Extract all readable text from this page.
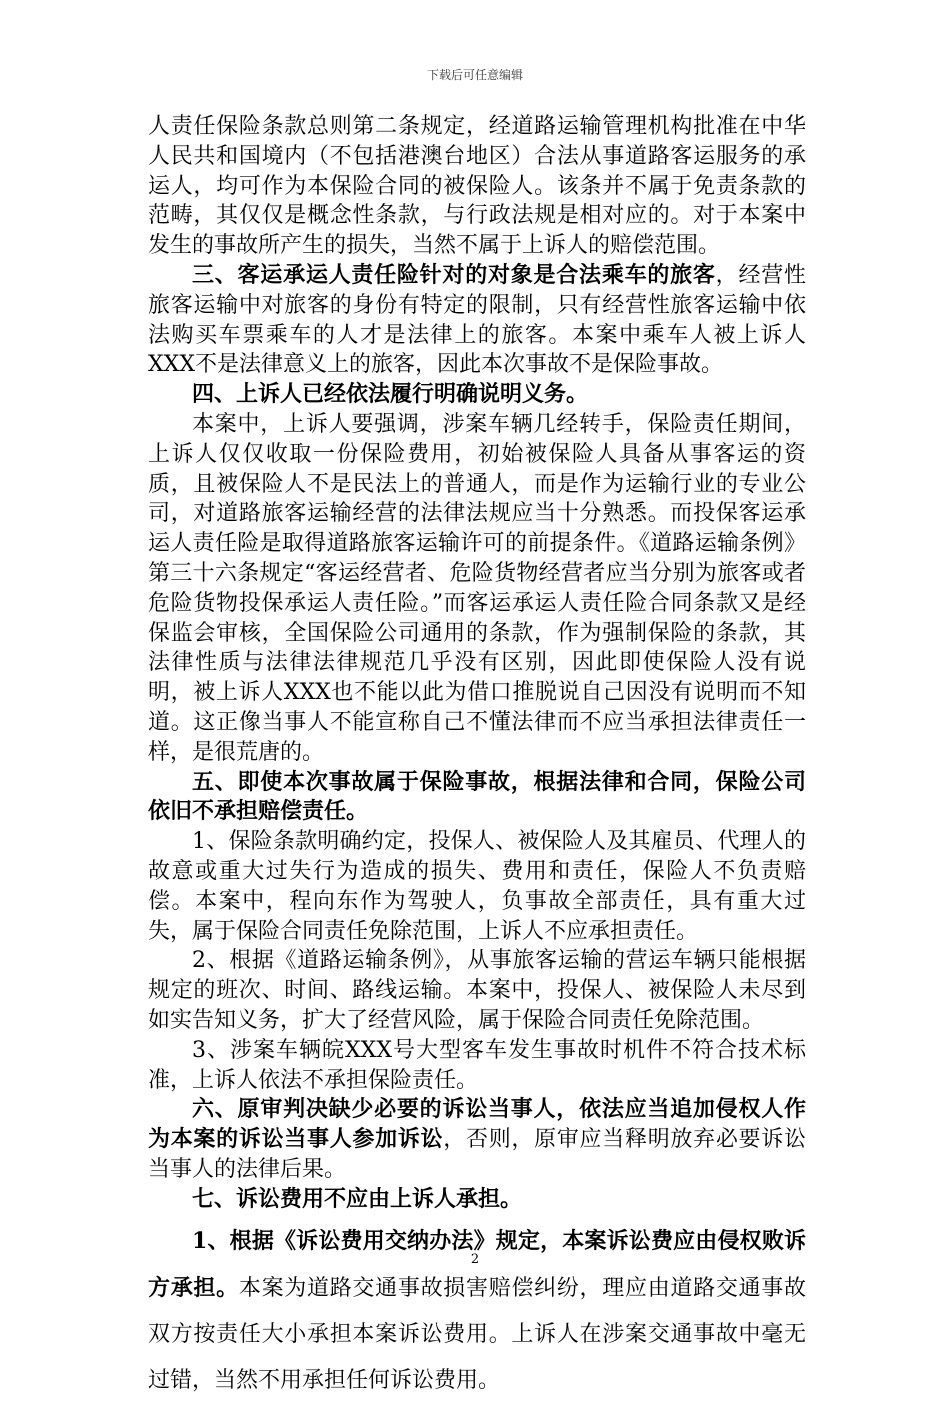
下载后可任意编辑

人责任保险条款总则第二条规定，经道路运输管理机构批准在中华人民共和国境内（不包括港澳台地区）合法从事道路客运服务的承运人，均可作为本保险合同的被保险人。该条并不属于免责条款的范畴，其仅仅是概念性条款，与行政法规是相对应的。对于本案中发生的事故所产生的损失，当然不属于上诉人的赔偿范围。

三、客运承运人责任险针对的对象是合法乘车的旅客，经营性旅客运输中对旅客的身份有特定的限制，只有经营性旅客运输中依法购买车票乘车的人才是法律上的旅客。本案中乘车人被上诉人XXX不是法律意义上的旅客，因此本次事故不是保险事故。

四、上诉人已经依法履行明确说明义务。

本案中，上诉人要强调，涉案车辆几经转手，保险责任期间，上诉人仅仅收取一份保险费用，初始被保险人具备从事客运的资质，且被保险人不是民法上的普通人，而是作为运输行业的专业公司，对道路旅客运输经营的法律法规应当十分熟悉。而投保客运承运人责任险是取得道路旅客运输许可的前提条件。《道路运输条例》第三十六条规定“客运经营者、危险货物经营者应当分别为旅客或者危险货物投保承运人责任险。”而客运承运人责任险合同条款又是经保监会审核，全国保险公司通用的条款，作为强制保险的条款，其法律性质与法律法律规范几乎没有区别，因此即使保险人没有说明，被上诉人XXX也不能以此为借口推脱说自己因没有说明而不知道。这正像当事人不能宣称自己不懂法律而不应当承担法律责任一样，是很荒唐的。

五、即使本次事故属于保险事故，根据法律和合同，保险公司依旧不承担赔偿责任。

1、保险条款明确约定，投保人、被保险人及其雇员、代理人的故意或重大过失行为造成的损失、费用和责任，保险人不负责赔偿。本案中，程向东作为驾驶人，负事故全部责任，具有重大过失，属于保险合同责任免除范围，上诉人不应承担责任。

2、根据《道路运输条例》，从事旅客运输的营运车辆只能根据规定的班次、时间、路线运输。本案中，投保人、被保险人未尽到如实告知义务，扩大了经营风险，属于保险合同责任免除范围。

3、涉案车辆皖XXX号大型客车发生事故时机件不符合技术标准，上诉人依法不承担保险责任。

六、原审判决缺少必要的诉讼当事人，依法应当追加侵权人作为本案的诉讼当事人参加诉讼，否则，原审应当释明放弃必要诉讼当事人的法律后果。

七、诉讼费用不应由上诉人承担。

1、根据《诉讼费用交纳办法》规定，本案诉讼费应由侵权败诉方承担。本案为道路交通事故损害赔偿纠纷，理应由道路交通事故双方按责任大小承担本案诉讼费用。上诉人在涉案交通事故中毫无过错，当然不用承担任何诉讼费用。

2
